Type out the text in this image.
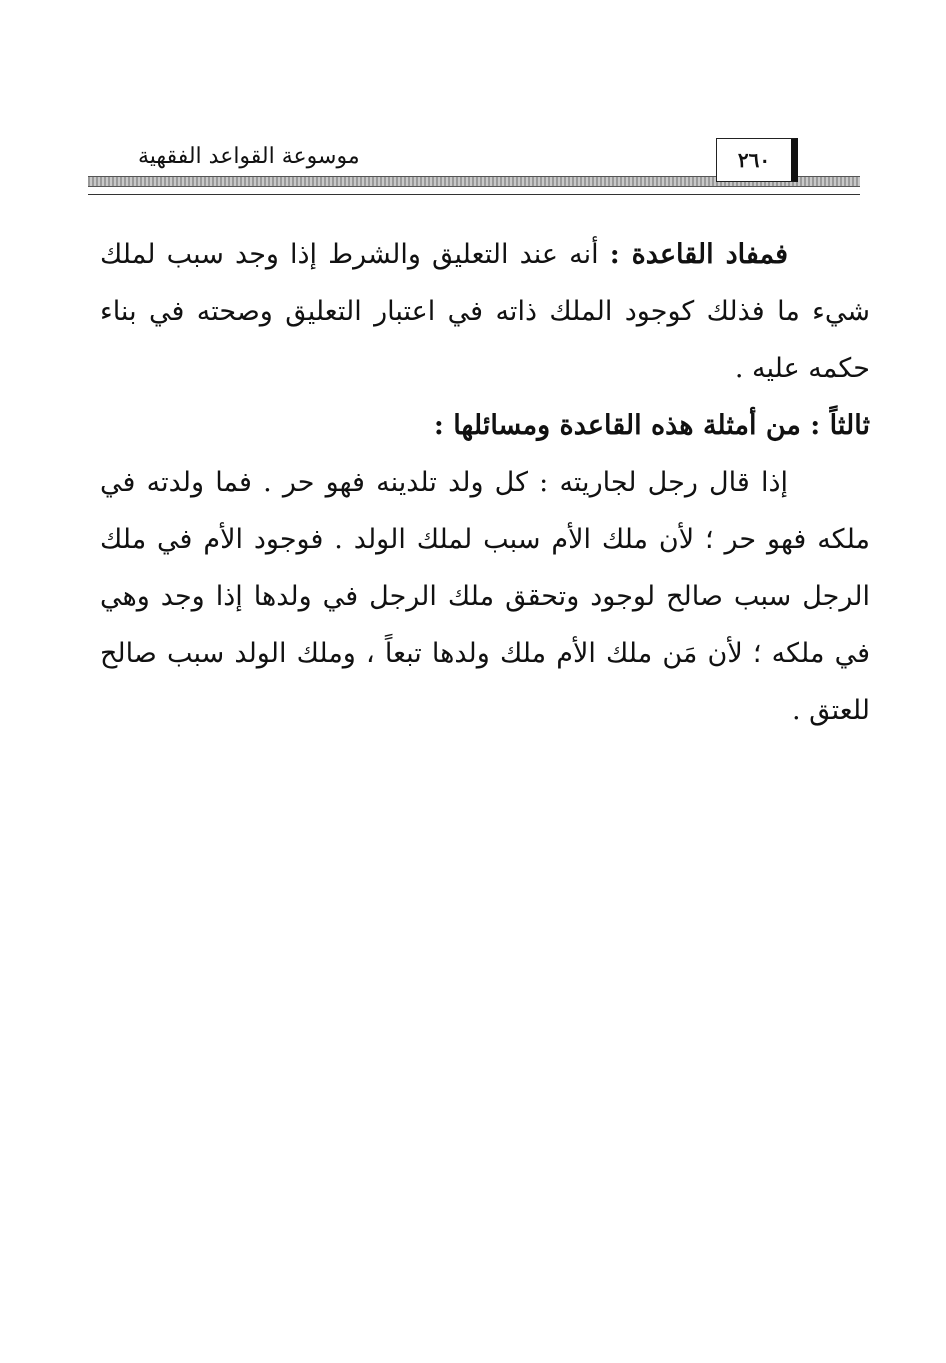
موسوعة القواعد الفقهية	٢٦٠

فمفاد القاعدة : أنه عند التعليق والشرط إذا وجد سبب لملك شيء ما فذلك كوجود الملك ذاته في اعتبار التعليق وصحته في بناء حكمه عليه .

ثالثاً : من أمثلة هذه القاعدة ومسائلها :

إذا قال رجل لجاريته : كل ولد تلدينه فهو حر . فما ولدته في ملكه فهو حر ؛ لأن ملك الأم سبب لملك الولد . فوجود الأم في ملك الرجل سبب صالح لوجود وتحقق ملك الرجل في ولدها إذا وجد وهي في ملكه ؛ لأن مَن ملك الأم ملك ولدها تبعاً ، وملك الولد سبب صالح للعتق .
